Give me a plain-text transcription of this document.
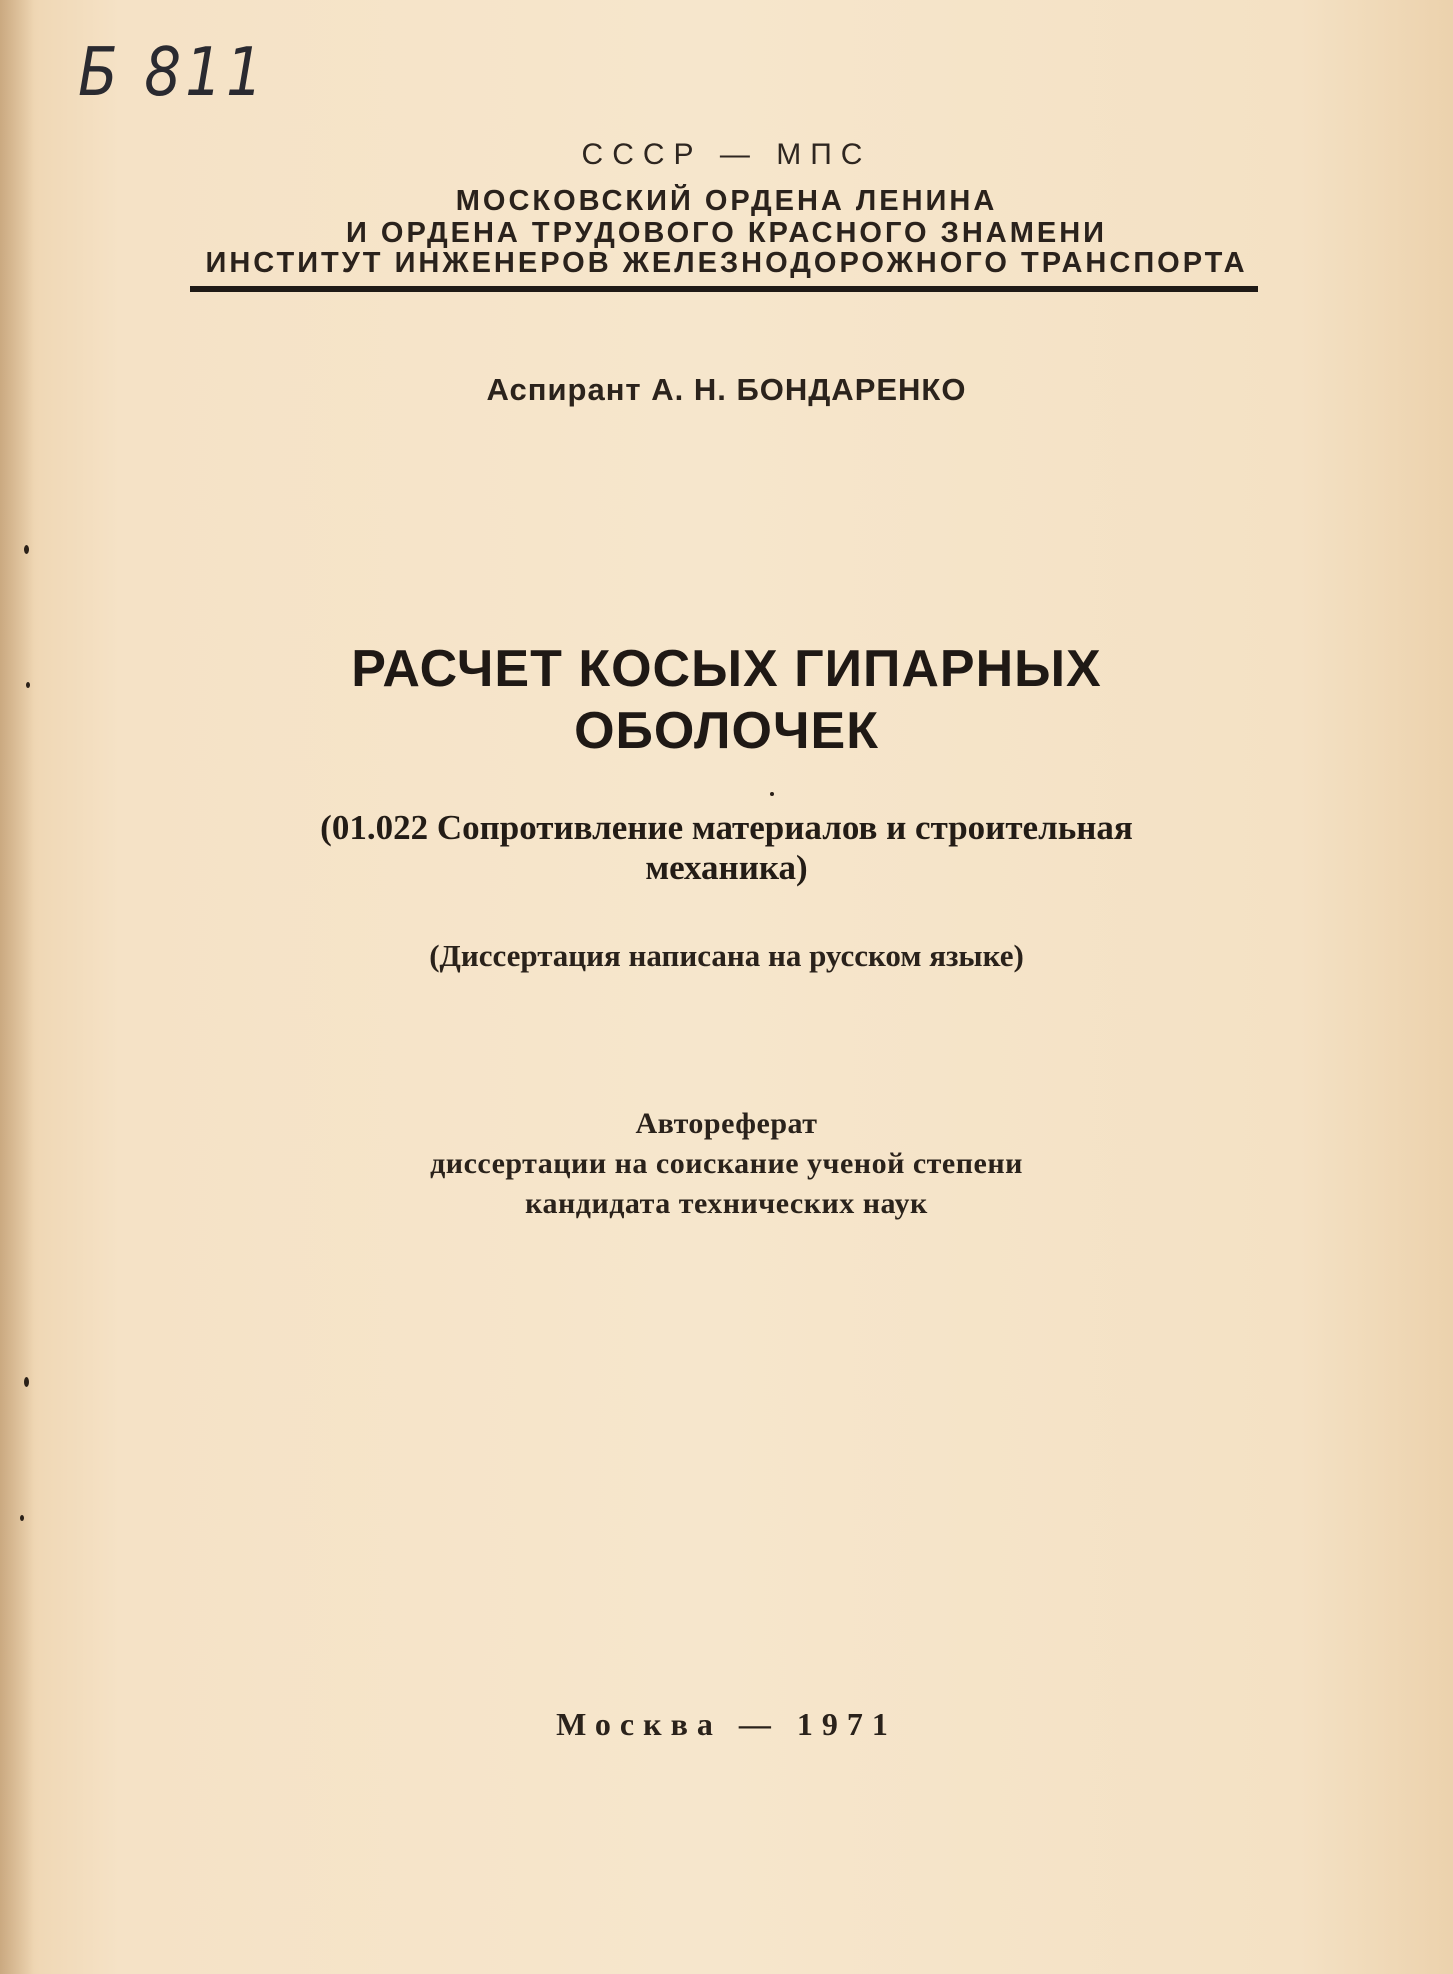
Б 811
СССР — МПС
МОСКОВСКИЙ ОРДЕНА ЛЕНИНА
И ОРДЕНА ТРУДОВОГО КРАСНОГО ЗНАМЕНИ
ИНСТИТУТ ИНЖЕНЕРОВ ЖЕЛЕЗНОДОРОЖНОГО ТРАНСПОРТА
Аспирант А. Н. БОНДАРЕНКО
РАСЧЕТ КОСЫХ ГИПАРНЫХ
ОБОЛОЧЕК
(01.022 Сопротивление материалов и строительная
механика)
(Диссертация написана на русском языке)
Автореферат
диссертации на соискание ученой степени
кандидата технических наук
Москва — 1971
